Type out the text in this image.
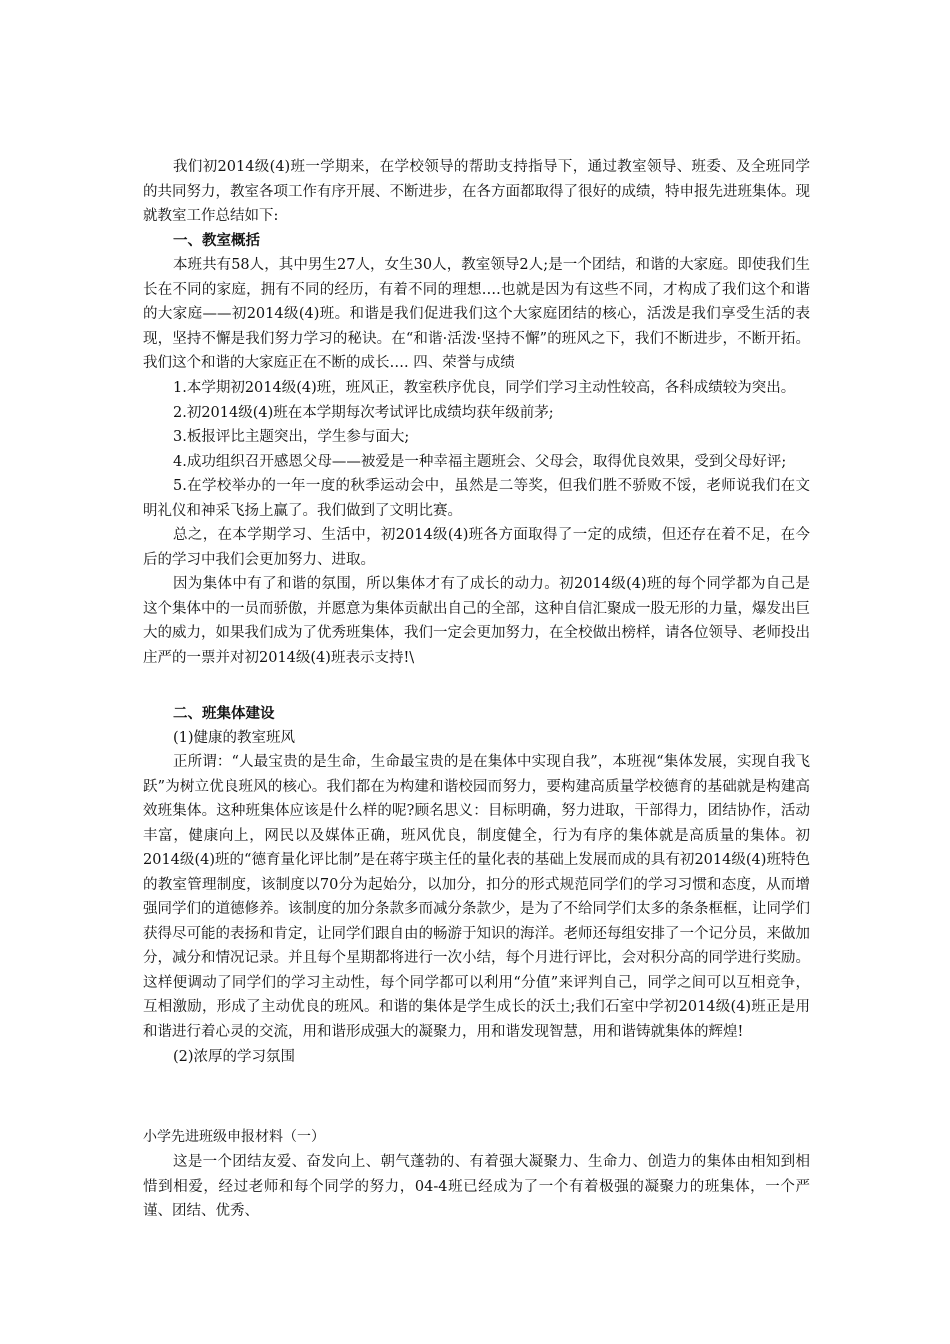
我们初2014级(4)班一学期来，在学校领导的帮助支持指导下，通过教室领导、班委、及全班同学的共同努力，教室各项工作有序开展、不断进步，在各方面都取得了很好的成绩，特申报先进班集体。现就教室工作总结如下:

一、教室概括

本班共有58人，其中男生27人，女生30人，教室领导2人;是一个团结，和谐的大家庭。即使我们生长在不同的家庭，拥有不同的经历，有着不同的理想….也就是因为有这些不同，才构成了我们这个和谐的大家庭——初2014级(4)班。和谐是我们促进我们这个大家庭团结的核心，活泼是我们享受生活的表现，坚持不懈是我们努力学习的秘诀。在“和谐·活泼·坚持不懈”的班风之下，我们不断进步，不断开拓。我们这个和谐的大家庭正在不断的成长…. 四、荣誉与成绩

1.本学期初2014级(4)班，班风正，教室秩序优良，同学们学习主动性较高，各科成绩较为突出。

2.初2014级(4)班在本学期每次考试评比成绩均获年级前茅;

3.板报评比主题突出，学生参与面大;

4.成功组织召开感恩父母——被爱是一种幸福主题班会、父母会，取得优良效果，受到父母好评;

5.在学校举办的一年一度的秋季运动会中，虽然是二等奖，但我们胜不骄败不馁，老师说我们在文明礼仪和神采飞扬上赢了。我们做到了文明比赛。

总之，在本学期学习、生活中，初2014级(4)班各方面取得了一定的成绩，但还存在着不足，在今后的学习中我们会更加努力、进取。

因为集体中有了和谐的氛围，所以集体才有了成长的动力。初2014级(4)班的每个同学都为自己是这个集体中的一员而骄傲，并愿意为集体贡献出自己的全部，这种自信汇聚成一股无形的力量，爆发出巨大的威力，如果我们成为了优秀班集体，我们一定会更加努力，在全校做出榜样，请各位领导、老师投出庄严的一票并对初2014级(4)班表示支持!\

二、班集体建设

(1)健康的教室班风

正所谓：“人最宝贵的是生命，生命最宝贵的是在集体中实现自我”，本班视“集体发展，实现自我飞跃”为树立优良班风的核心。我们都在为构建和谐校园而努力，要构建高质量学校德育的基础就是构建高效班集体。这种班集体应该是什么样的呢?顾名思义：目标明确，努力进取，干部得力，团结协作，活动丰富，健康向上，网民以及媒体正确，班风优良，制度健全，行为有序的集体就是高质量的集体。初2014级(4)班的“德育量化评比制”是在蒋宇瑛主任的量化表的基础上发展而成的具有初2014级(4)班特色的教室管理制度，该制度以70分为起始分，以加分，扣分的形式规范同学们的学习习惯和态度，从而增强同学们的道德修养。该制度的加分条款多而减分条款少，是为了不给同学们太多的条条框框，让同学们获得尽可能的表扬和肯定，让同学们跟自由的畅游于知识的海洋。老师还每组安排了一个记分员，来做加分，减分和情况记录。并且每个星期都将进行一次小结，每个月进行评比，会对积分高的同学进行奖励。这样便调动了同学们的学习主动性，每个同学都可以利用“分值”来评判自己，同学之间可以互相竞争，互相激励，形成了主动优良的班风。和谐的集体是学生成长的沃土;我们石室中学初2014级(4)班正是用和谐进行着心灵的交流，用和谐形成强大的凝聚力，用和谐发现智慧，用和谐铸就集体的辉煌!

(2)浓厚的学习氛围

小学先进班级申报材料（一）

这是一个团结友爱、奋发向上、朝气蓬勃的、有着强大凝聚力、生命力、创造力的集体由相知到相惜到相爱，经过老师和每个同学的努力，04-4班已经成为了一个有着极强的凝聚力的班集体，一个严谨、团结、优秀、
